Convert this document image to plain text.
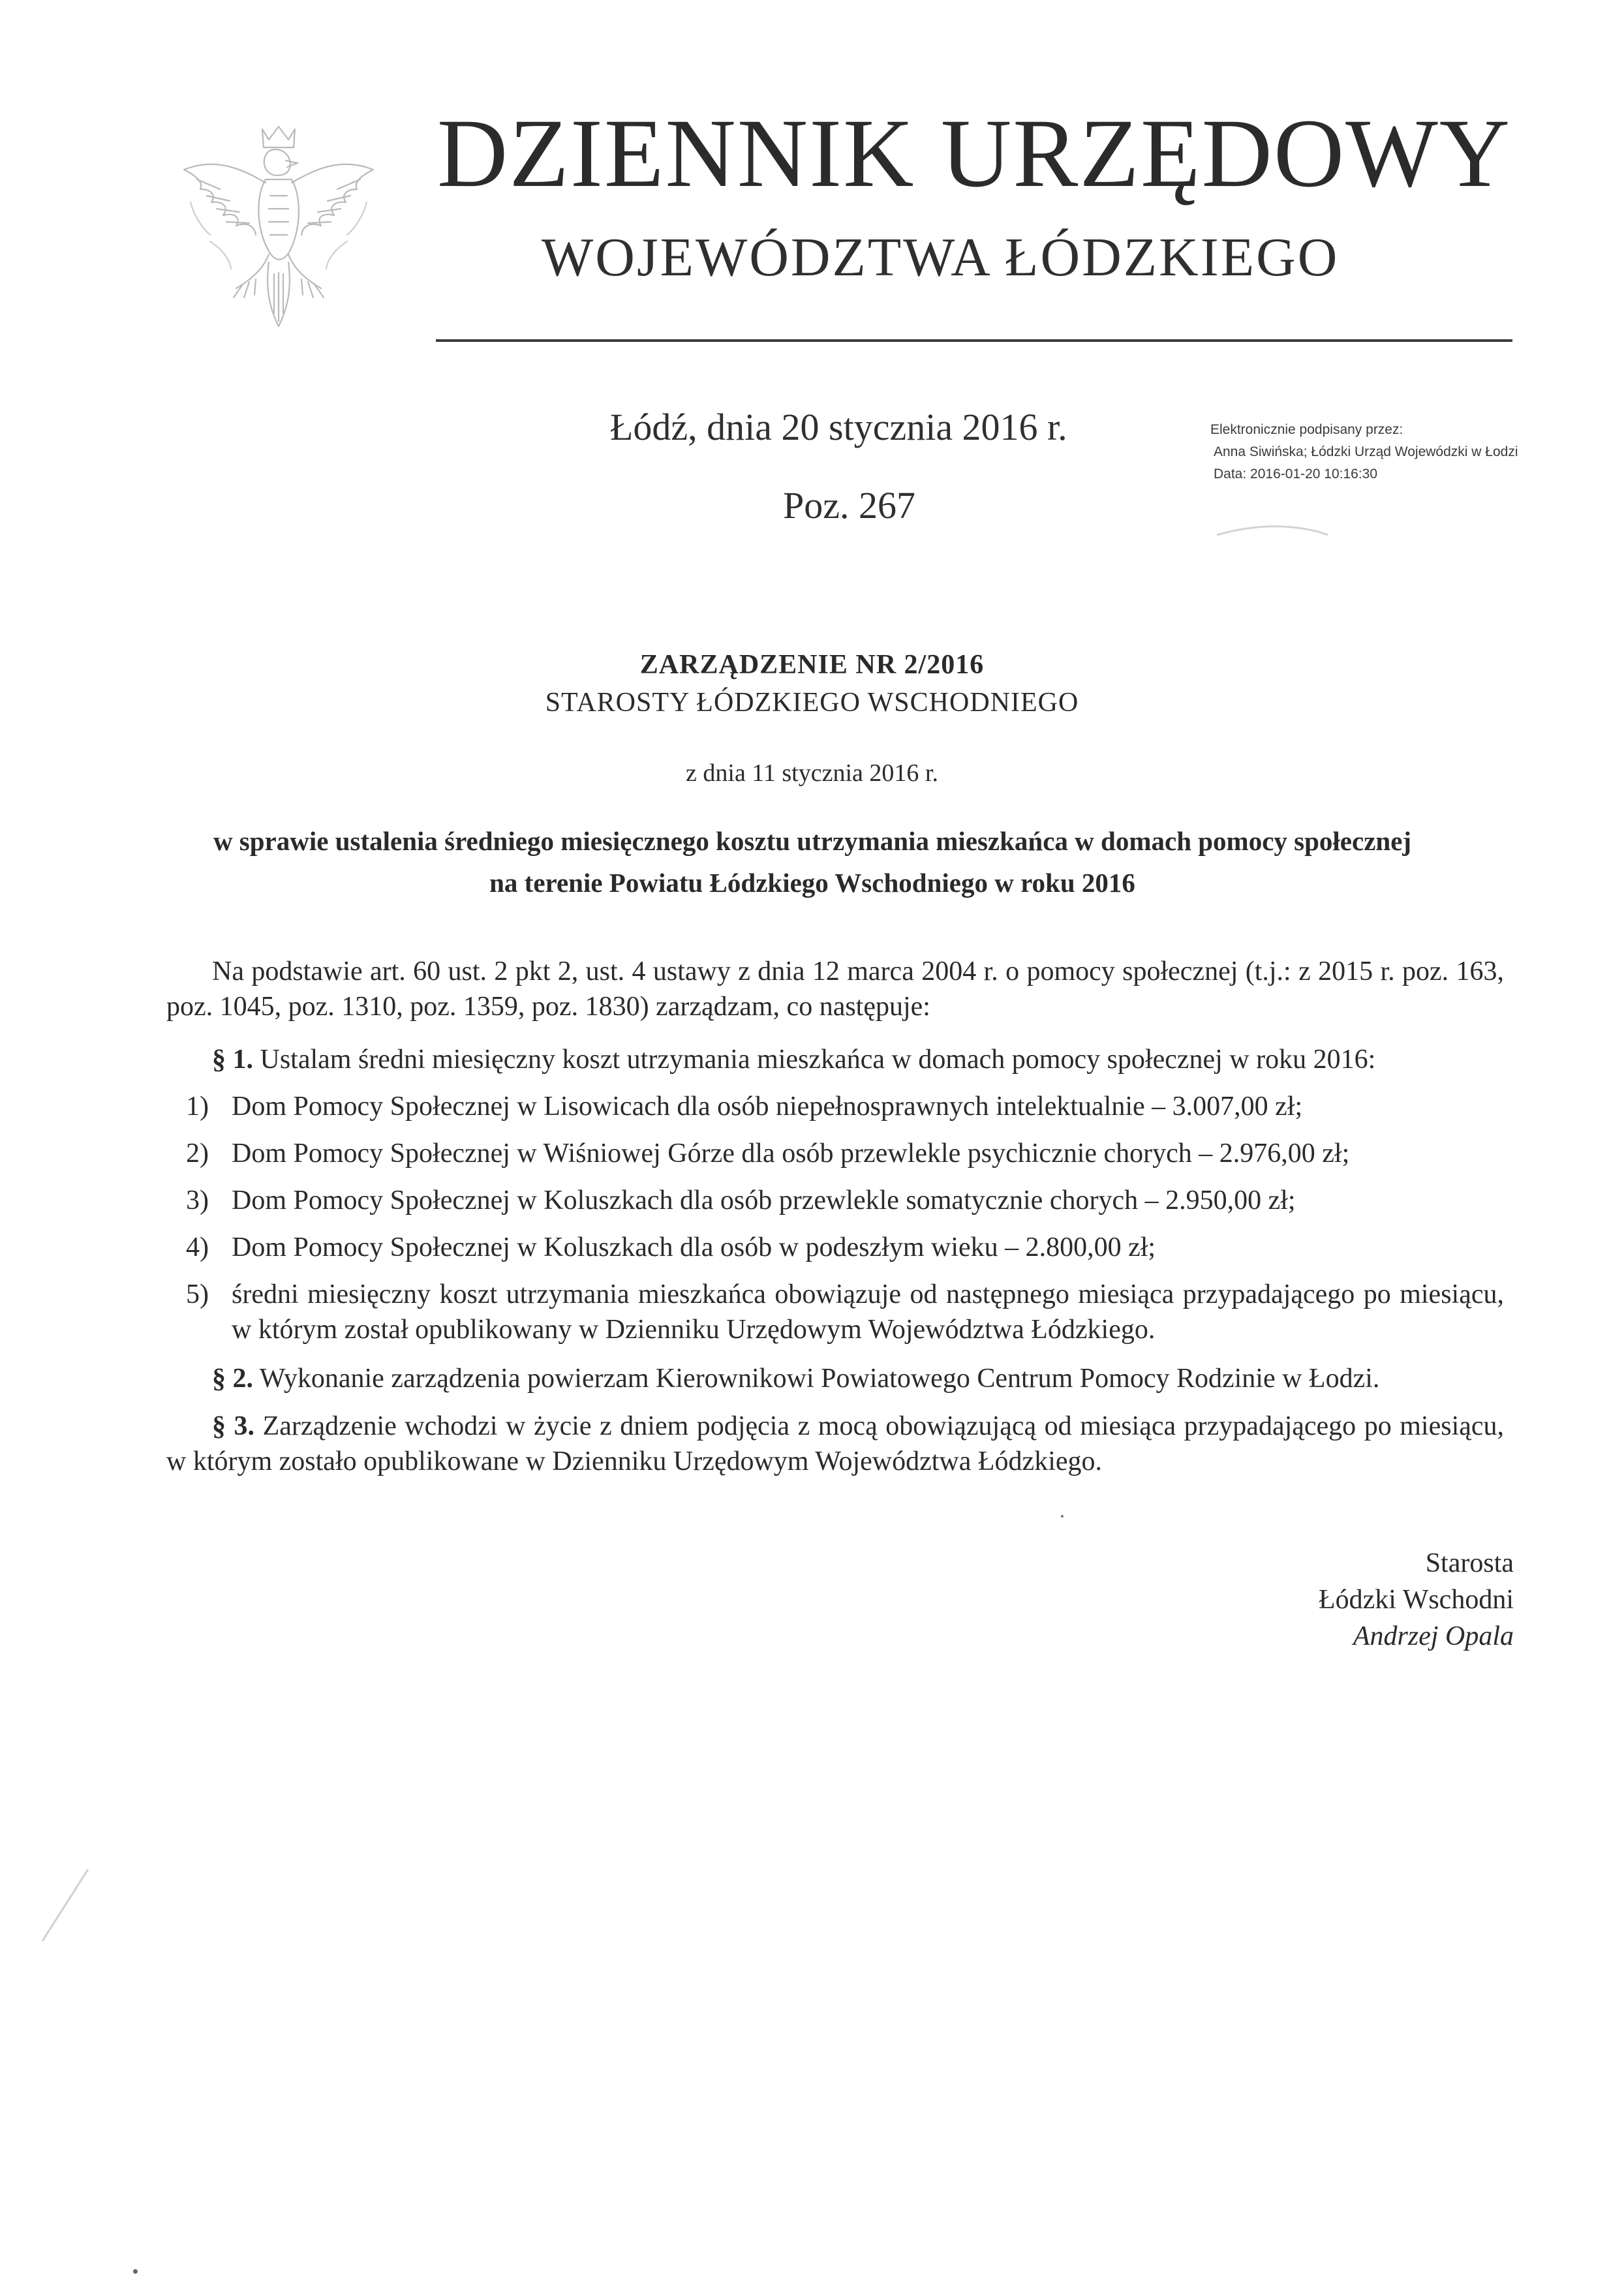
DZIENNIK URZĘDOWY
WOJEWÓDZTWA ŁÓDZKIEGO
Łódź, dnia 20 stycznia 2016 r.
Poz. 267
Elektronicznie podpisany przez:
Anna Siwińska; Łódzki Urząd Wojewódzki w Łodzi
Data: 2016-01-20 10:16:30
ZARZĄDZENIE NR 2/2016
STAROSTY ŁÓDZKIEGO WSCHODNIEGO
z dnia 11 stycznia 2016 r.
w sprawie ustalenia średniego miesięcznego kosztu utrzymania mieszkańca w domach pomocy społecznej
na terenie Powiatu Łódzkiego Wschodniego w roku 2016
Na podstawie art. 60 ust. 2 pkt 2, ust. 4 ustawy z dnia 12 marca 2004 r. o pomocy społecznej (t.j.: z 2015 r. poz. 163, poz. 1045, poz. 1310, poz. 1359, poz. 1830) zarządzam, co następuje:
§ 1. Ustalam średni miesięczny koszt utrzymania mieszkańca w domach pomocy społecznej w roku 2016:
1) Dom Pomocy Społecznej w Lisowicach dla osób niepełnosprawnych intelektualnie – 3.007,00 zł;
2) Dom Pomocy Społecznej w Wiśniowej Górze dla osób przewlekle psychicznie chorych – 2.976,00 zł;
3) Dom Pomocy Społecznej w Koluszkach dla osób przewlekle somatycznie chorych – 2.950,00 zł;
4) Dom Pomocy Społecznej w Koluszkach dla osób w podeszłym wieku – 2.800,00 zł;
5) średni miesięczny koszt utrzymania mieszkańca obowiązuje od następnego miesiąca przypadającego po miesiącu, w którym został opublikowany w Dzienniku Urzędowym Województwa Łódzkiego.
§ 2. Wykonanie zarządzenia powierzam Kierownikowi Powiatowego Centrum Pomocy Rodzinie w Łodzi.
§ 3. Zarządzenie wchodzi w życie z dniem podjęcia z mocą obowiązującą od miesiąca przypadającego po miesiącu, w którym zostało opublikowane w Dzienniku Urzędowym Województwa Łódzkiego.
Starosta
Łódzki Wschodni
Andrzej Opala
